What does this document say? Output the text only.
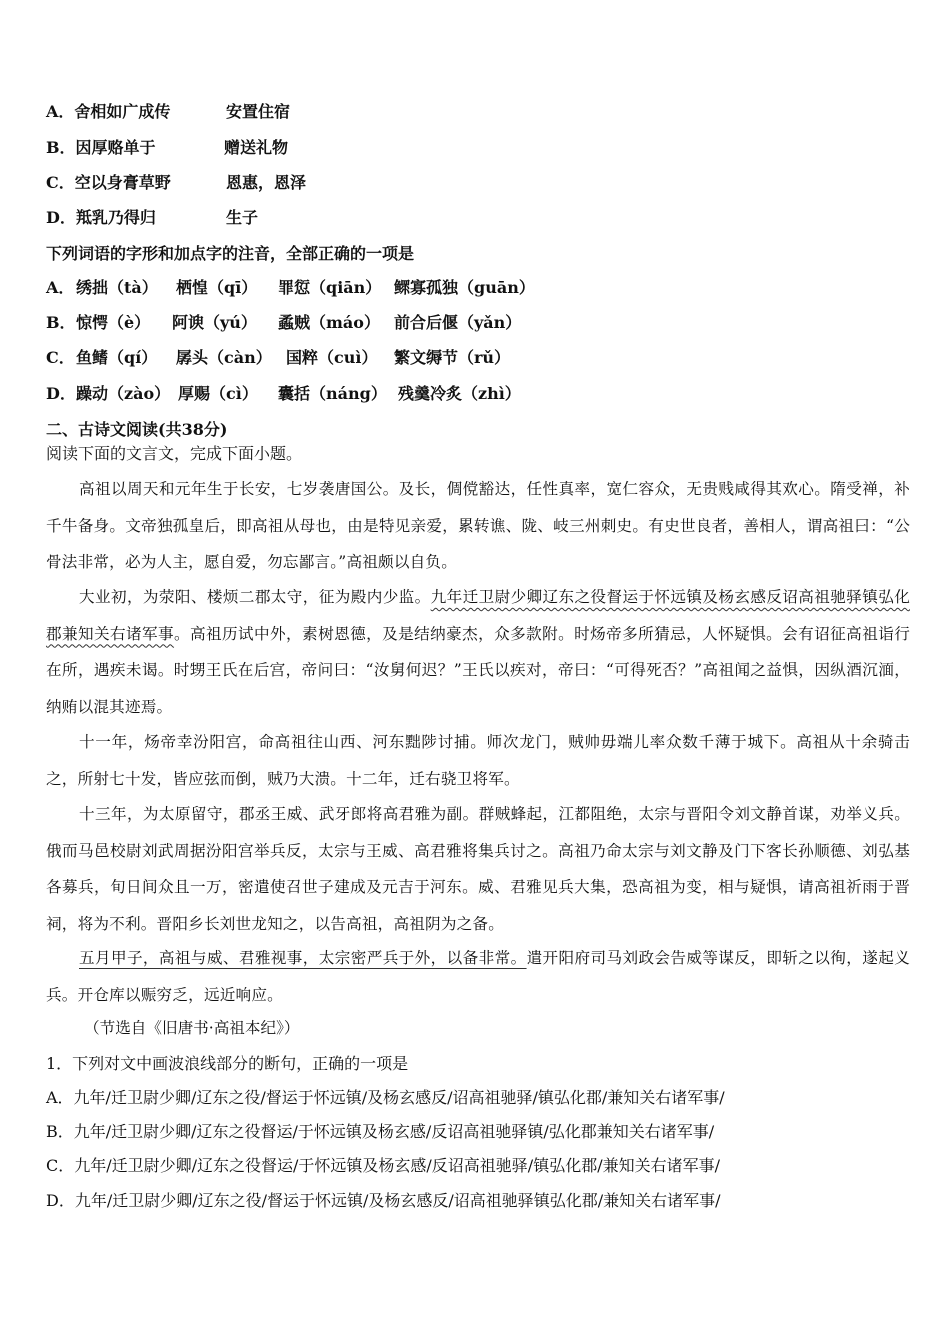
A．舍相如广成传	安置住宿
B．因厚赂单于	赠送礼物
C．空以身膏草野	恩惠，恩泽
D．羝乳乃得归	生子
下列词语的字形和加点字的注音，全部正确的一项是
A． 绣拙（tà） 栖惶（qī） 罪愆（qiān） 鳏寡孤独（guān）
B． 惊愕（è） 阿谀（yú） 蟊贼（máo） 前合后偃（yǎn）
C． 鱼鳍（qí） 孱头（càn） 国粹（cuì） 繁文缛节（rǔ）
D． 躁动（zào） 厚赐（cì） 囊括（náng） 残羹冷炙（zhì）
二、古诗文阅读(共38分)
阅读下面的文言文，完成下面小题。
高祖以周天和元年生于长安，七岁袭唐国公。及长，倜傥豁达，任性真率，宽仁容众，无贵贱咸得其欢心。隋受禅，补千牛备身。文帝独孤皇后，即高祖从母也，由是特见亲爱，累转谯、陇、岐三州刺史。有史世良者，善相人，谓高祖曰：“公骨法非常，必为人主，愿自爱，勿忘鄙言。”高祖颇以自负。
大业初，为荥阳、楼烦二郡太守，征为殿内少监。九年迁卫尉少卿辽东之役督运于怀远镇及杨玄感反诏高祖驰驿镇弘化郡兼知关右诸军事。高祖历试中外，素树恩德，及是结纳豪杰，众多款附。时炀帝多所猜忌，人怀疑惧。会有诏征高祖诣行在所，遇疾未谒。时甥王氏在后宫，帝问曰：“汝舅何迟？”王氏以疾对，帝曰：“可得死否？”高祖闻之益惧，因纵酒沉湎，纳贿以混其迹焉。
十一年，炀帝幸汾阳宫，命高祖往山西、河东黜陟讨捕。师次龙门，贼帅毋端儿率众数千薄于城下。高祖从十余骑击之，所射七十发，皆应弦而倒，贼乃大溃。十二年，迁右骁卫将军。
十三年，为太原留守，郡丞王威、武牙郎将高君雅为副。群贼蜂起，江都阻绝，太宗与晋阳令刘文静首谋，劝举义兵。俄而马邑校尉刘武周据汾阳宫举兵反，太宗与王威、高君雅将集兵讨之。高祖乃命太宗与刘文静及门下客长孙顺德、刘弘基各募兵，旬日间众且一万，密遣使召世子建成及元吉于河东。威、君雅见兵大集，恐高祖为变，相与疑惧，请高祖祈雨于晋祠，将为不利。晋阳乡长刘世龙知之，以告高祖，高祖阴为之备。
五月甲子，高祖与威、君雅视事，太宗密严兵于外，以备非常。遣开阳府司马刘政会告威等谋反，即斩之以徇，遂起义兵。开仓库以赈穷乏，远近响应。
（节选自《旧唐书·高祖本纪》）
1．下列对文中画波浪线部分的断句，正确的一项是
A．九年/迁卫尉少卿/辽东之役/督运于怀远镇/及杨玄感反/诏高祖驰驿/镇弘化郡/兼知关右诸军事/
B．九年/迁卫尉少卿/辽东之役督运/于怀远镇及杨玄感/反诏高祖驰驿镇/弘化郡兼知关右诸军事/
C．九年/迁卫尉少卿/辽东之役督运/于怀远镇及杨玄感/反诏高祖驰驿/镇弘化郡/兼知关右诸军事/
D．九年/迁卫尉少卿/辽东之役/督运于怀远镇/及杨玄感反/诏高祖驰驿镇弘化郡/兼知关右诸军事/
